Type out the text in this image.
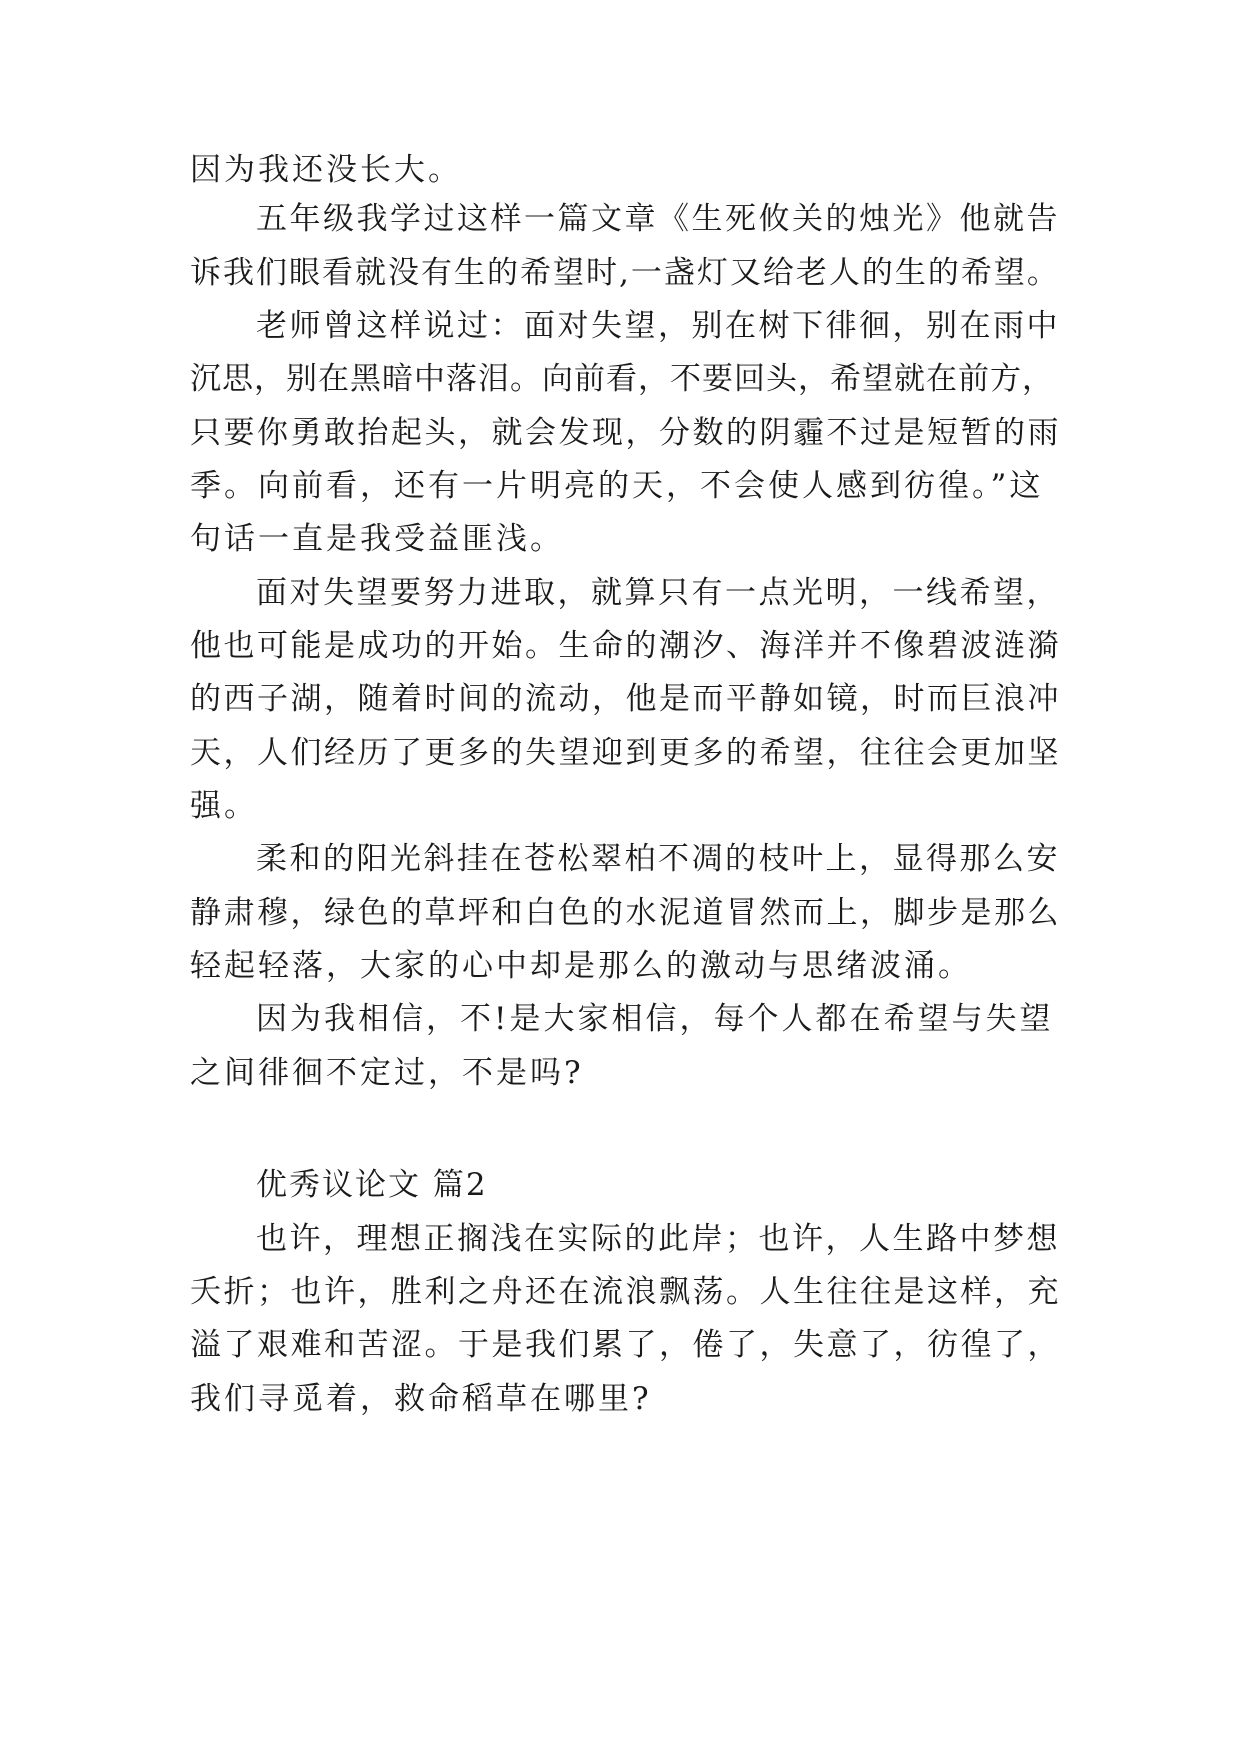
因为我还没长大。
五年级我学过这样一篇文章《生死攸关的烛光》他就告
诉我们眼看就没有生的希望时,一盏灯又给老人的生的希望。
老师曾这样说过：面对失望，别在树下徘徊，别在雨中
沉思，别在黑暗中落泪。向前看，不要回头，希望就在前方，
只要你勇敢抬起头，就会发现，分数的阴霾不过是短暂的雨
季。向前看，还有一片明亮的天，不会使人感到彷徨。”这
句话一直是我受益匪浅。
面对失望要努力进取，就算只有一点光明，一线希望，
他也可能是成功的开始。生命的潮汐、海洋并不像碧波涟漪
的西子湖，随着时间的流动，他是而平静如镜，时而巨浪冲
天，人们经历了更多的失望迎到更多的希望，往往会更加坚
强。
柔和的阳光斜挂在苍松翠柏不凋的枝叶上，显得那么安
静肃穆，绿色的草坪和白色的水泥道冒然而上，脚步是那么
轻起轻落，大家的心中却是那么的激动与思绪波涌。
因为我相信，不!是大家相信，每个人都在希望与失望
之间徘徊不定过，不是吗?
优秀议论文 篇2
也许，理想正搁浅在实际的此岸；也许，人生路中梦想
夭折；也许，胜利之舟还在流浪飘荡。人生往往是这样，充
溢了艰难和苦涩。于是我们累了，倦了，失意了，彷徨了，
我们寻觅着，救命稻草在哪里?
